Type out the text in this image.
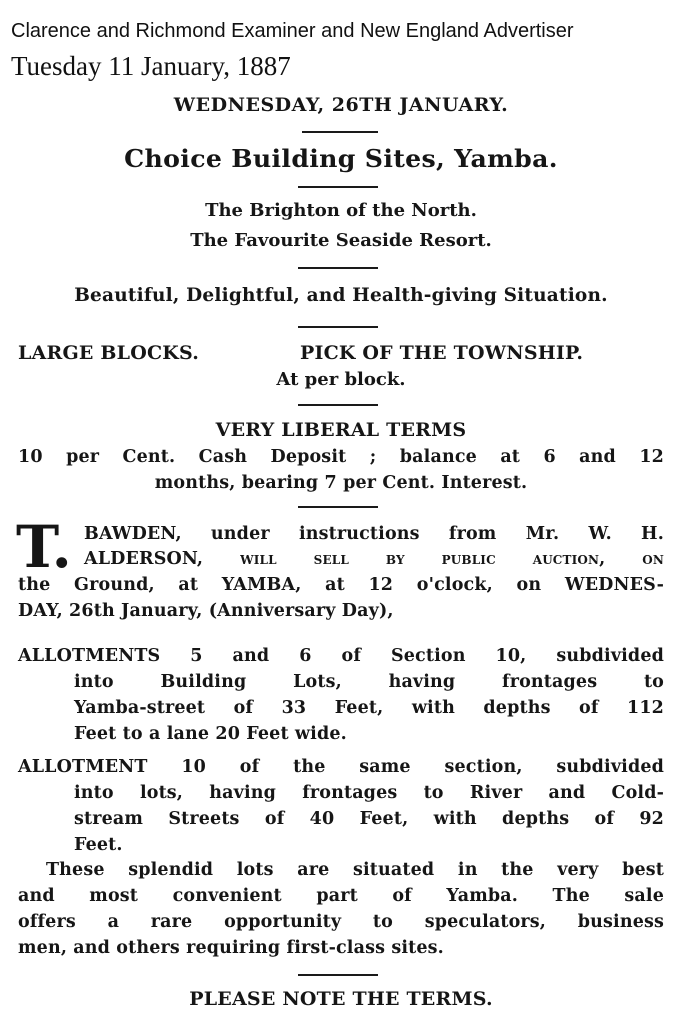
Clarence and Richmond Examiner and New England Advertiser
Tuesday 11 January, 1887
WEDNESDAY, 26TH JANUARY.
Choice Building Sites, Yamba.
The Brighton of the North.
The Favourite Seaside Resort.
Beautiful, Delightful, and Health-giving Situation.
LARGE BLOCKS.	PICK OF THE TOWNSHIP.
At per block.
VERY LIBERAL TERMS
10 per Cent. Cash Deposit ; balance at 6 and 12
months, bearing 7 per Cent. Interest.
T. BAWDEN, under instructions from Mr. W. H.
ALDERSON, will sell by public auction, on
the Ground, at YAMBA, at 12 o'clock, on WEDNES-
DAY, 26th January, (Anniversary Day),
ALLOTMENTS 5 and 6 of Section 10, subdivided
into Building Lots, having frontages to
Yamba-street of 33 Feet, with depths of 112
Feet to a lane 20 Feet wide.
ALLOTMENT 10 of the same section, subdivided
into lots, having frontages to River and Cold-
stream Streets of 40 Feet, with depths of 92
Feet.
These splendid lots are situated in the very best
and most convenient part of Yamba. The sale
offers a rare opportunity to speculators, business
men, and others requiring first-class sites.
PLEASE NOTE THE TERMS.
